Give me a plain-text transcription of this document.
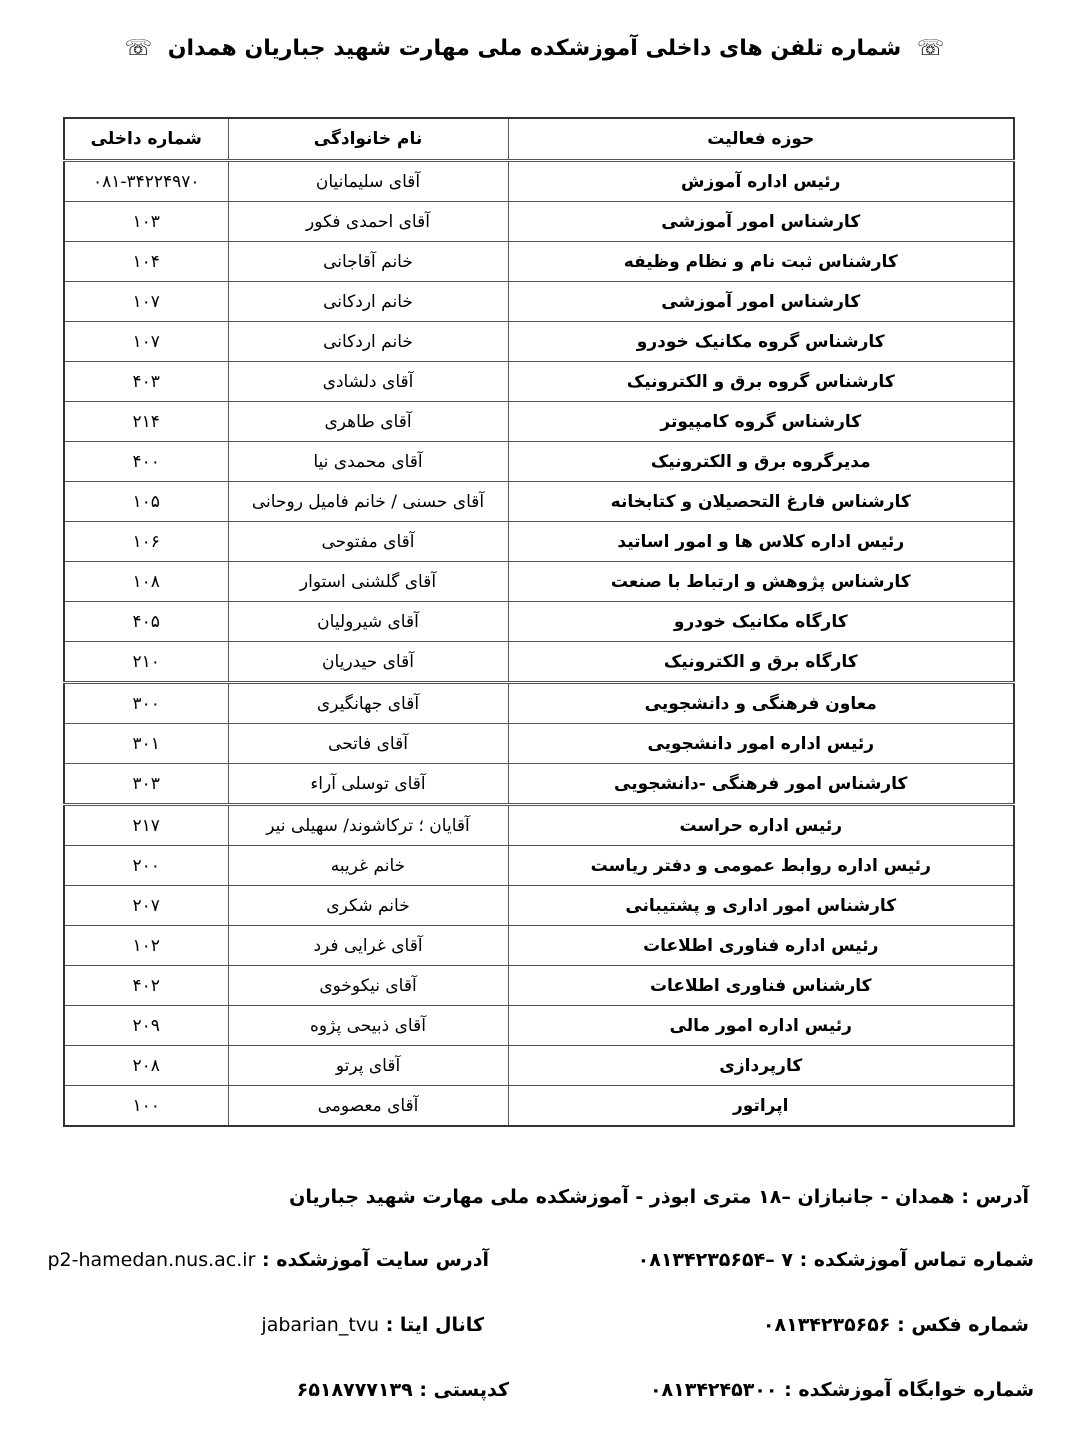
☏ شماره تلفن های داخلی آموزشکده ملی مهارت شهید جباریان همدان ☏
حوزه فعالیت	نام خانوادگی	شماره داخلی
رئیس اداره آموزش	آقای سلیمانیان	۰۸۱-۳۴۲۲۴۹۷۰
کارشناس امور آموزشی	آقای احمدی فکور	۱۰۳
کارشناس ثبت نام و نظام وظیفه	خانم آقاجانی	۱۰۴
کارشناس امور آموزشی	خانم اردکانی	۱۰۷
کارشناس گروه مکانیک خودرو	خانم اردکانی	۱۰۷
کارشناس گروه برق و الکترونیک	آقای دلشادی	۴۰۳
کارشناس گروه کامپیوتر	آقای طاهری	۲۱۴
مدیرگروه برق و الکترونیک	آقای محمدی نیا	۴۰۰
کارشناس فارغ التحصیلان و کتابخانه	آقای حسنی / خانم فامیل روحانی	۱۰۵
رئیس اداره کلاس ها و امور اساتید	آقای مفتوحی	۱۰۶
کارشناس پژوهش و ارتباط با صنعت	آقای گلشنی استوار	۱۰۸
کارگاه مکانیک خودرو	آقای شیرولیان	۴۰۵
کارگاه برق و الکترونیک	آقای حیدریان	۲۱۰
معاون فرهنگی و دانشجویی	آقای جهانگیری	۳۰۰
رئیس اداره امور دانشجویی	آقای فاتحی	۳۰۱
کارشناس امور فرهنگی -دانشجویی	آقای توسلی آراء	۳۰۳
رئیس اداره حراست	آقایان ؛ ترکاشوند/ سهیلی نیر	۲۱۷
رئیس اداره روابط عمومی و دفتر ریاست	خانم غریبه	۲۰۰
کارشناس امور اداری و پشتیبانی	خانم شکری	۲۰۷
رئیس اداره فناوری اطلاعات	آقای غرایی فرد	۱۰۲
کارشناس فناوری اطلاعات	آقای نیکوخوی	۴۰۲
رئیس اداره امور مالی	آقای ذبیحی پژوه	۲۰۹
کارپردازی	آقای پرتو	۲۰۸
اپراتور	آقای معصومی	۱۰۰
آدرس : همدان - جانبازان –۱۸ متری ابوذر - آموزشکده ملی مهارت شهید جباریان
شماره تماس آموزشکده : ۷ –۰۸۱۳۴۲۳۵۶۵۴
آدرس سایت آموزشکده : p2-hamedan.nus.ac.ir
شماره فکس : ۰۸۱۳۴۲۳۵۶۵۶
کانال ایتا : jabarian_tvu
شماره خوابگاه آموزشکده : ۰۸۱۳۴۲۴۵۳۰۰
کدپستی : ۶۵۱۸۷۷۷۱۳۹
